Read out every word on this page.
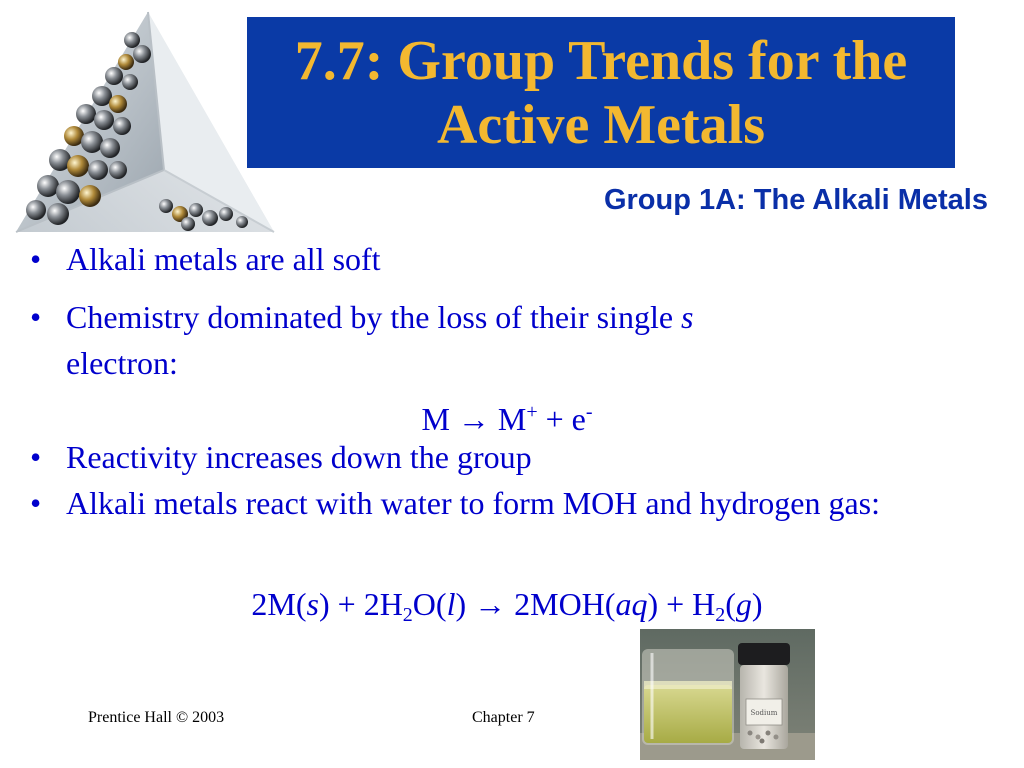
7.7: Group Trends for the Active Metals
Group 1A: The Alkali Metals
• Alkali metals are all soft
• Chemistry dominated by the loss of their single s
electron:
• Reactivity increases down the group
• Alkali metals react with water to form MOH and hydrogen gas:
M → M+ + e-
$2M(s) + 2H_2O(l) \to 2MOH(aq) + H_2(g)$
Sodium
Prentice Hall © 2003	Chapter 7
